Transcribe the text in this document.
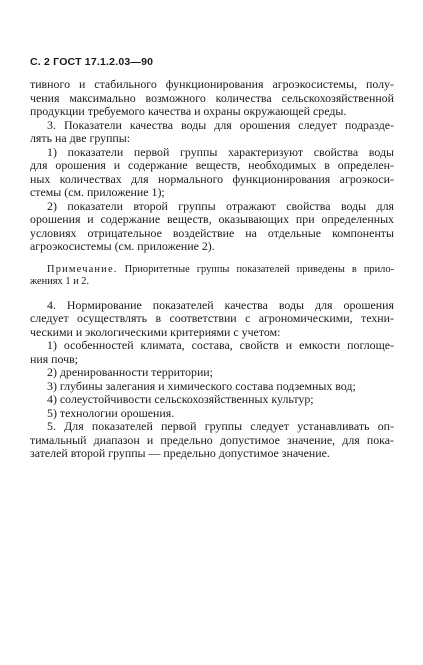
С. 2 ГОСТ 17.1.2.03—90
тивного и стабильного функционирования агроэкосистемы, полу-
чения максимально возможного количества сельскохозяйственной
продукции требуемого качества и охраны окружающей среды.
3. Показатели качества воды для орошения следует подразде-
лять на две группы:
1) показатели первой группы характеризуют свойства воды
для орошения и содержание веществ, необходимых в определен-
ных количествах для нормального функционирования агроэкоси-
стемы (см. приложение 1);
2) показатели второй группы отражают свойства воды для
орошения и содержание веществ, оказывающих при определенных
условиях отрицательное воздействие на отдельные компоненты
агроэкосистемы (см. приложение 2).
Примечание. Приоритетные группы показателей приведены в прило-
жениях 1 и 2.
4. Нормирование показателей качества воды для орошения
следует осуществлять в соответствии с агрономическими, техни-
ческими и экологическими критериями с учетом:
1) особенностей климата, состава, свойств и емкости поглоще-
ния почв;
2) дренированности территории;
3) глубины залегания и химического состава подземных вод;
4) солеустойчивости сельскохозяйственных культур;
5) технологии орошения.
5. Для показателей первой группы следует устанавливать оп-
тимальный диапазон и предельно допустимое значение, для пока-
зателей второй группы — предельно допустимое значение.
